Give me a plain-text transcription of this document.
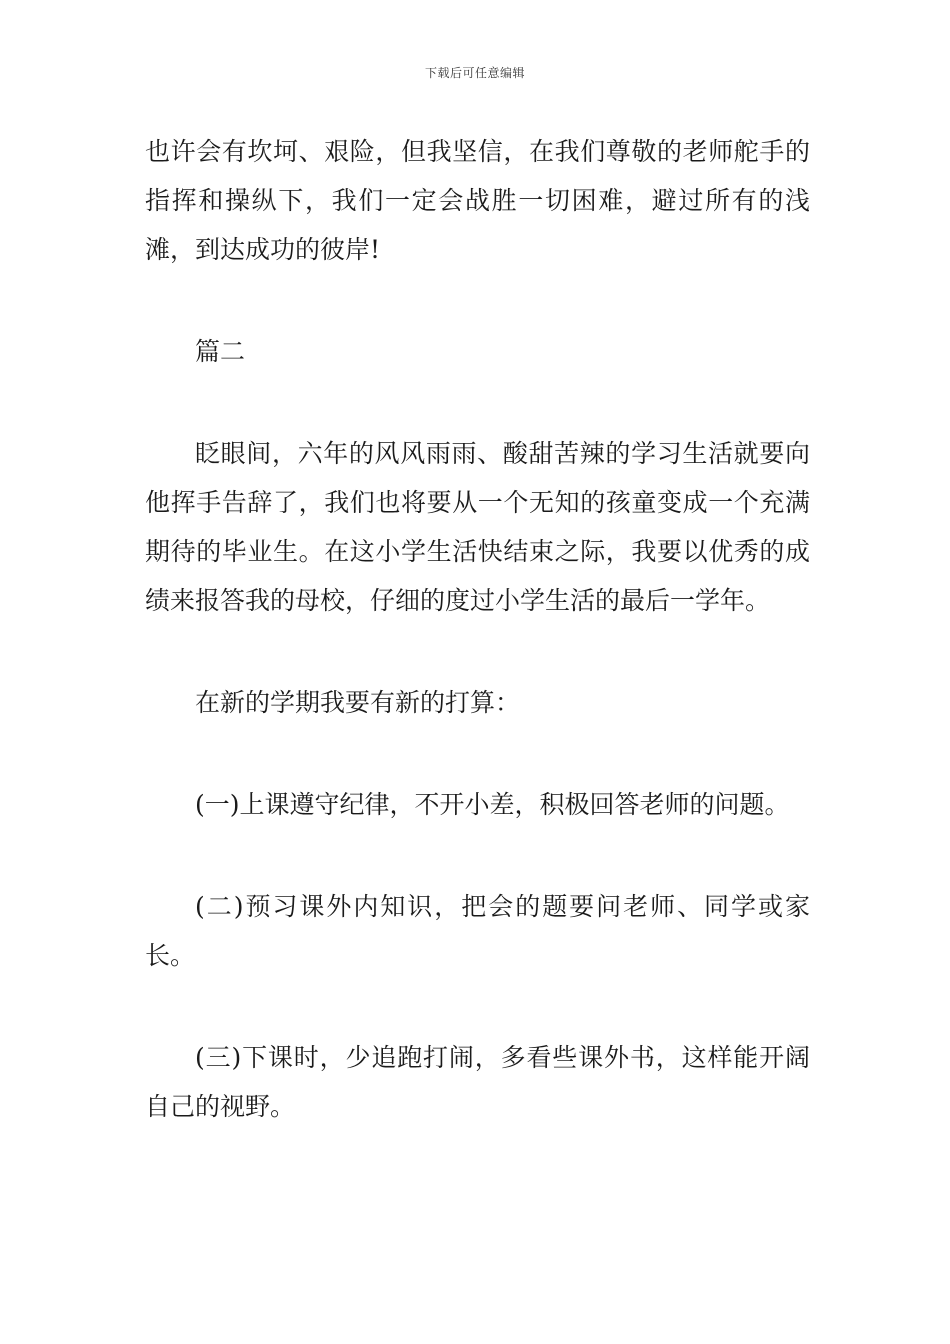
下载后可任意编辑

也许会有坎坷、艰险，但我坚信，在我们尊敬的老师舵手的指挥和操纵下，我们一定会战胜一切困难，避过所有的浅滩，到达成功的彼岸!

篇二

眨眼间，六年的风风雨雨、酸甜苦辣的学习生活就要向他挥手告辞了，我们也将要从一个无知的孩童变成一个充满期待的毕业生。在这小学生活快结束之际，我要以优秀的成绩来报答我的母校，仔细的度过小学生活的最后一学年。

在新的学期我要有新的打算：

(一)上课遵守纪律，不开小差，积极回答老师的问题。

(二)预习课外内知识，把会的题要问老师、同学或家长。

(三)下课时，少追跑打闹，多看些课外书，这样能开阔自己的视野。
